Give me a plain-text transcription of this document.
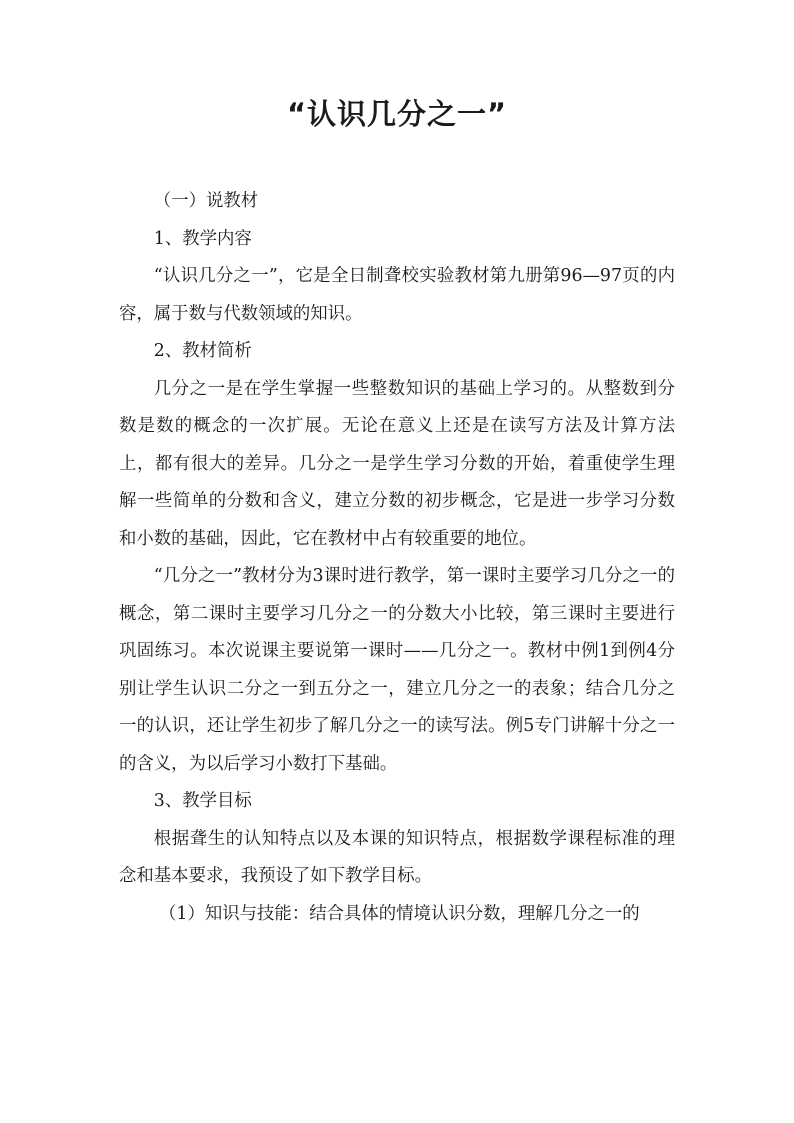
“认识几分之一”

（一）说教材

1、教学内容

“认识几分之一”，它是全日制聋校实验教材第九册第96—97页的内容，属于数与代数领域的知识。

2、教材简析

几分之一是在学生掌握一些整数知识的基础上学习的。从整数到分数是数的概念的一次扩展。无论在意义上还是在读写方法及计算方法上，都有很大的差异。几分之一是学生学习分数的开始，着重使学生理解一些简单的分数和含义，建立分数的初步概念，它是进一步学习分数和小数的基础，因此，它在教材中占有较重要的地位。

“几分之一”教材分为3课时进行教学，第一课时主要学习几分之一的概念，第二课时主要学习几分之一的分数大小比较，第三课时主要进行巩固练习。本次说课主要说第一课时——几分之一。教材中例1到例4分别让学生认识二分之一到五分之一，建立几分之一的表象；结合几分之一的认识，还让学生初步了解几分之一的读写法。例5专门讲解十分之一的含义，为以后学习小数打下基础。

3、教学目标

根据聋生的认知特点以及本课的知识特点，根据数学课程标准的理念和基本要求，我预设了如下教学目标。

（1）知识与技能：结合具体的情境认识分数，理解几分之一的
